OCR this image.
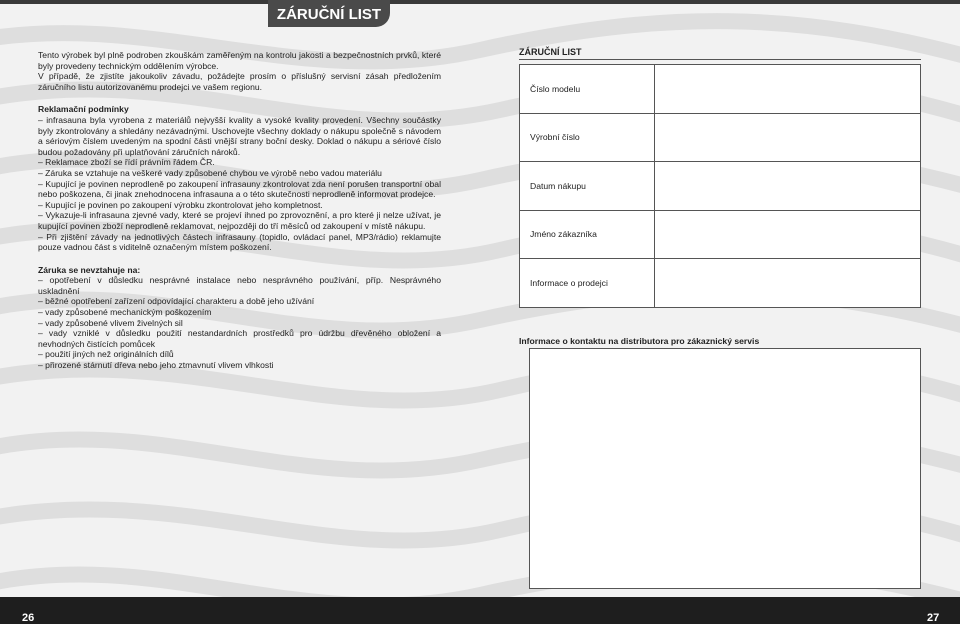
ZÁRUČNÍ LIST

Tento výrobek byl plně podroben zkouškám zaměřeným na kontrolu jakosti a bezpečnostních prvků, které byly provedeny technickým oddělením výrobce.

V případě, že zjistíte jakoukoliv závadu, požádejte prosím o příslušný servisní zásah předložením záručního listu autorizovanému prodejci ve vašem regionu.

Reklamační podmínky

– infrasauna byla vyrobena z materiálů nejvyšší kvality a vysoké kvality provedení. Všechny součástky byly zkontrolovány a shledány nezávadnými. Uschovejte všechny doklady o nákupu společně s návodem a sériovým číslem uvedeným na spodní části vnější strany boční desky. Doklad o nákupu a sériové číslo budou požadovány při uplatňování záručních nároků.
– Reklamace zboží se řídí právním řádem ČR.
– Záruka se vztahuje na veškeré vady způsobené chybou ve výrobě nebo vadou materiálu
– Kupující je povinen neprodleně po zakoupení infrasauny zkontrolovat zda není porušen transportní obal nebo poškozena, či jinak znehodnocena infrasauna a o této skutečnosti neprodleně informovat prodejce.
– Kupující je povinen po zakoupení výrobku zkontrolovat jeho kompletnost.
– Vykazuje-li infrasauna zjevné vady, které se projeví ihned po zprovoznění, a pro které ji nelze užívat, je kupující povinen zboží neprodleně reklamovat, nejpozději do tří měsíců od zakoupení v místě nákupu.
– Při zjištění závady na jednotlivých částech infrasauny (topidlo, ovládací panel, MP3/rádio) reklamujte pouze vadnou část s viditelně označeným místem poškození.

Záruka se nevztahuje na:

– opotřebení v důsledku nesprávné instalace nebo nesprávného používání, příp. Nesprávného uskladnění
– běžné opotřebení zařízení odpovídající charakteru a době jeho užívání
– vady způsobené mechanickým poškozením
– vady způsobené vlivem živelných sil
– vady vzniklé v důsledku použití nestandardních prostředků pro údržbu dřevěného obložení a nevhodných čistících pomůcek
– použití jiných než originálních dílů
– přirozené stárnutí dřeva nebo jeho ztmavnutí vlivem vlhkosti
ZÁRUČNÍ LIST
Číslo modelu	
Výrobní číslo	
Datum nákupu	
Jméno zákazníka	
Informace o prodejci	
Informace o kontaktu na distributora pro zákaznický servis
26	27
